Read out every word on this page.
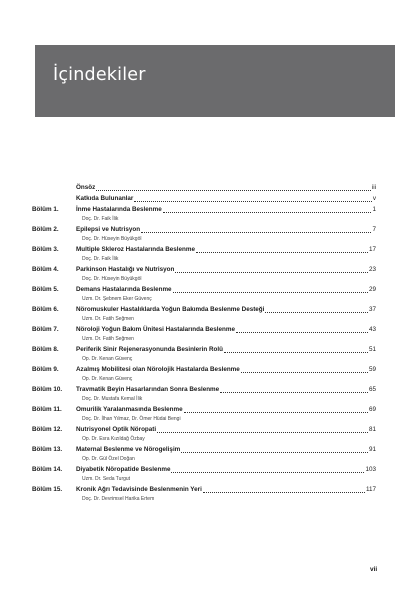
İçindekiler
Önsöz	iii
Katkıda Bulunanlar	v
Bölüm 1.	İnme Hastalarında Beslenme	1
Doç. Dr. Faik İlik
Bölüm 2.	Epilepsi ve Nutrisyon	7
Doç. Dr. Hüseyin Büyükgöl
Bölüm 3.	Multiple Skleroz Hastalarında Beslenme	17
Doç. Dr. Faik İlik
Bölüm 4.	Parkinson Hastalığı ve Nutrisyon	23
Doç. Dr. Hüseyin Büyükgöl
Bölüm 5.	Demans Hastalarında Beslenme	29
Uzm. Dr. Şebnem Eker Güvenç
Bölüm 6.	Nöromuskuler Hastalıklarda Yoğun Bakımda Beslenme Desteği	37
Uzm. Dr. Fatih Seğmen
Bölüm 7.	Nöroloji Yoğun Bakım Ünitesi Hastalarında Beslenme	43
Uzm. Dr. Fatih Seğmen
Bölüm 8.	Periferik Sinir Rejenerasyonunda Besinlerin Rolü	51
Op. Dr. Kenan Güvenç
Bölüm 9.	Azalmış Mobilitesi olan Nörolojik Hastalarda Beslenme	59
Op. Dr. Kenan Güvenç
Bölüm 10.	Travmatik Beyin Hasarlarından Sonra Beslenme	65
Doç. Dr. Mustafa Kemal İlik
Bölüm 11.	Omurilik Yaralanmasında Beslenme	69
Doç. Dr. İlhan Yılmaz, Dr. Ömer Hüdai Bengi
Bölüm 12.	Nutrisyonel Optik Nöropati	81
Op. Dr. Esra Kızıldağ Özbay
Bölüm 13.	Maternal Beslenme ve Nörogelişim	91
Op. Dr. Gül Özel Doğan
Bölüm 14.	Diyabetik Nöropatide Beslenme	103
Uzm. Dr. Seda Turgut
Bölüm 15.	Kronik Ağrı Tedavisinde Beslenmenin Yeri	117
Doç. Dr. Devrimsel Harika Ertem
vii
